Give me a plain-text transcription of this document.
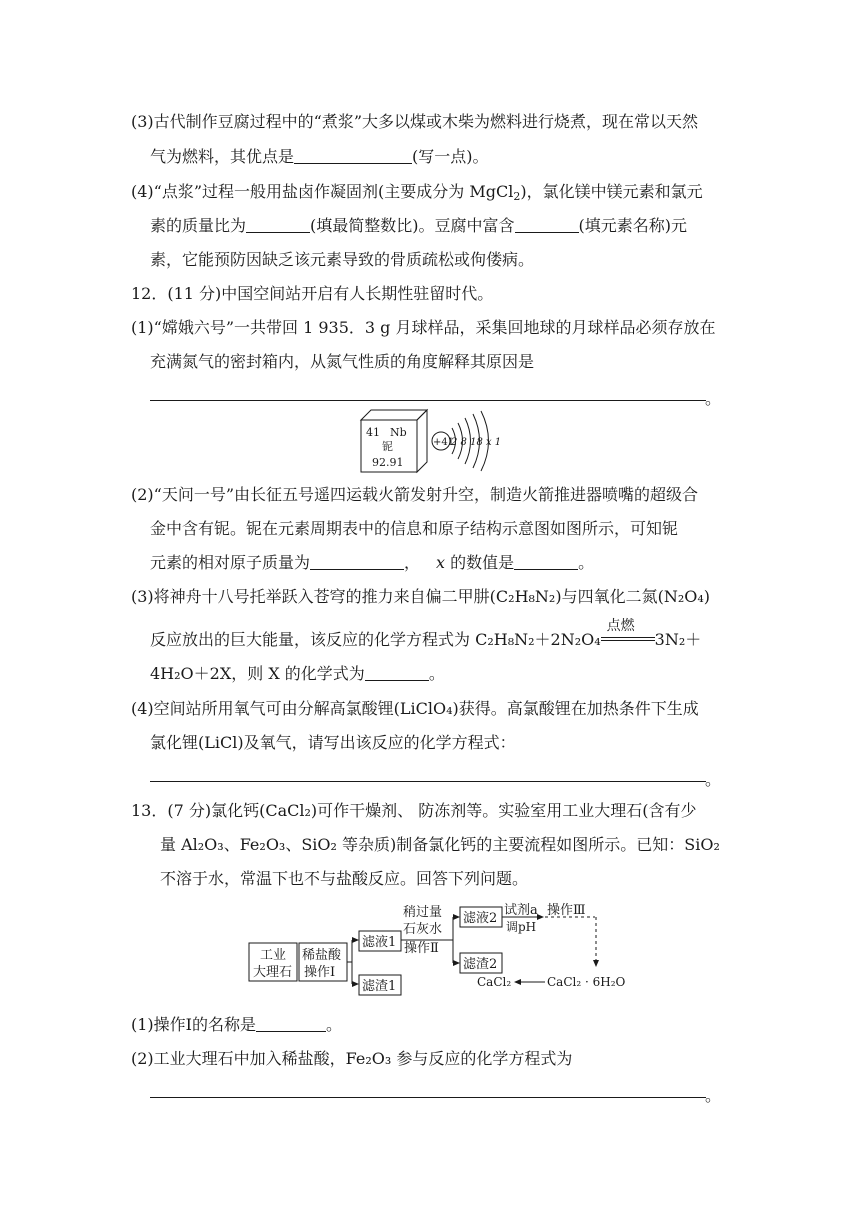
(3)古代制作豆腐过程中的“煮浆”大多以煤或木柴为燃料进行烧煮，现在常以天然
气为燃料，其优点是	(写一点)。
(4)“点浆”过程一般用盐卤作凝固剂(主要成分为 MgCl$_2$)，氯化镁中镁元素和氯元
素的质量比为	(填最简整数比)。豆腐中富含	(填元素名称)元
素，它能预防因缺乏该元素导致的骨质疏松或佝偻病。
12．(11 分)中国空间站开启有人长期性驻留时代。
(1)“嫦娥六号”一共带回 1 935．3 g 月球样品，采集回地球的月球样品必须存放在
充满氮气的密封箱内，从氮气性质的角度解释其原因是
。
41 Nb
铌
92.91
+41
2 8 18 x 1
(2)“天问一号”由长征五号遥四运载火箭发射升空，制造火箭推进器喷嘴的超级合
金中含有铌。铌在元素周期表中的信息和原子结构示意图如图所示，可知铌
元素的相对原子质量为	， x 的数值是	。
(3)将神舟十八号托举跃入苍穹的推力来自偏二甲肼(C₂H₈N₂)与四氧化二氮(N₂O₄)
反应放出的巨大能量，该反应的化学方程式为 C₂H₈N₂＋2N₂O₄
点燃
3N₂＋
4H₂O＋2X，则 X 的化学式为	。
(4)空间站所用氧气可由分解高氯酸锂(LiClO₄)获得。高氯酸锂在加热条件下生成
氯化锂(LiCl)及氧气，请写出该反应的化学方程式：
。
13．(7 分)氯化钙(CaCl₂)可作干燥剂、 防冻剂等。实验室用工业大理石(含有少
量 Al₂O₃、Fe₂O₃、SiO₂ 等杂质)制备氯化钙的主要流程如图所示。已知：SiO₂
不溶于水，常温下也不与盐酸反应。回答下列问题。
工业
大理石
稀盐酸
操作Ⅰ
滤液1
滤渣1
稍过量
石灰水
操作Ⅱ
滤液2
滤渣2
试剂a
调pH
操作Ⅲ
CaCl₂	CaCl₂ · 6H₂O
(1)操作Ⅰ的名称是	。
(2)工业大理石中加入稀盐酸，Fe₂O₃ 参与反应的化学方程式为
。
